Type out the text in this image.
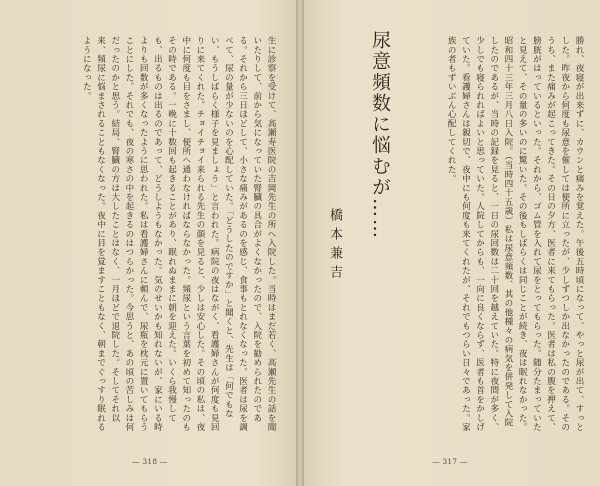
生に診察を受けて、高瀬寿医院の吉岡先生の所へ入院した。当時はまだ若く、高瀬先生の話を聞いたりして、前から気になっていた腎臓の具合がよくなかったので、入院を勧められたのである。それから三日ほどして、小さな痛みがあるのを感じ、食事もとれなくなった。医者は尿を調べて、尿の量が少ないのを心配していた。「どうしたのですか」と聞くと、先生は「何でもない、もうしばらく様子を見ましょう」と言われた。病院の夜はながく、看護婦さんが何度も見回りに来てくれた。チョイチョイ来られる先生の顔を見ると、少しは安心した。その頃の私は、夜中に何度も目をさまし、便所へ通わなければならなかった。頻尿という言葉を初めて知ったのもその時である。一晩に十数回も起きることがあり、眠れぬままに朝を迎えた。いくら我慢しても、出るものは出るのであって、どうしようもなかった。気のせいかも知れないが、家にいる時よりも回数が多くなったように思われた。私は看護婦さんに頼んで、尿瓶を枕元に置いてもらうことにした。それでも、夜の寒さの中を起きるのはつらかった。今思うと、あの頃の苦しみは何だったのかと思う。結局、腎臓の方は大したことはなく、一月ほどで退院した。そしてそれ以来、頻尿に悩まされることもなくなった。夜中に目を覚ますこともなく、朝までぐっすり眠れるようになった。
― 318 ―
勝れ、夜寝が出来ずに、カウンと痛みを覚えた。午後五時頃になって、やっと尿が出て、すっとした。昨夜から何度も尿意を催しては便所に立ったが、少しずつしか出なかったのである。そのうち、また痛みが起こってきた。その日の夕方、医者に来てもらった。医者は私の腹を押えて、膀胱がはっているといった。それから、ゴム管を入れて尿をとってもらった。随分たまっていたと見えて、その量の多いのに驚いた。その後もしばらくは同じことが続き、夜は眠れなかった。昭和四十三年三月八日入院。（当時四十五歳）私は尿意頻数、其の他種々の病気を併発して入院したのであるが、当時の記録を見ると、一日の尿回数は二十回を越えていた。特に夜間が多く、少しでも寝られればよいと思っていた。人院してからも、一向に良くならず、医者も首をかしげていた。看護婦さんは親切で、夜中にも何度も来てくれたが、それでもつらい日々であった。家族の者もずいぶん心配してくれた。
尿意頻数に悩むが……
橋本兼吉
― 317 ―
